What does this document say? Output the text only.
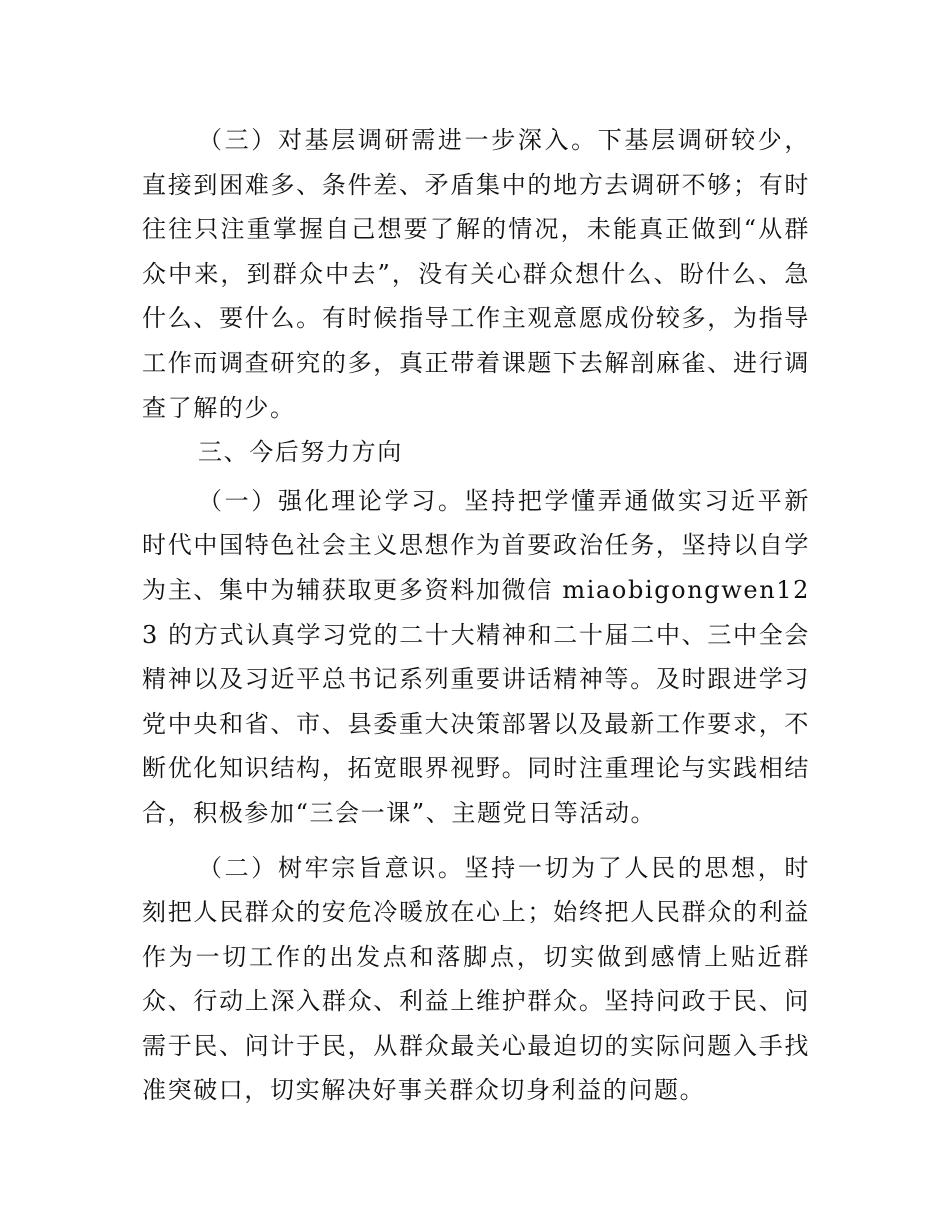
（三）对基层调研需进一步深入。下基层调研较少，直接到困难多、条件差、矛盾集中的地方去调研不够；有时往往只注重掌握自己想要了解的情况，未能真正做到“从群众中来，到群众中去”，没有关心群众想什么、盼什么、急什么、要什么。有时候指导工作主观意愿成份较多，为指导工作而调查研究的多，真正带着课题下去解剖麻雀、进行调查了解的少。

三、今后努力方向

（一）强化理论学习。坚持把学懂弄通做实习近平新时代中国特色社会主义思想作为首要政治任务，坚持以自学为主、集中为辅获取更多资料加微信 miaobigongwen123 的方式认真学习党的二十大精神和二十届二中、三中全会精神以及习近平总书记系列重要讲话精神等。及时跟进学习党中央和省、市、县委重大决策部署以及最新工作要求，不断优化知识结构，拓宽眼界视野。同时注重理论与实践相结合，积极参加“三会一课”、主题党日等活动。

（二）树牢宗旨意识。坚持一切为了人民的思想，时刻把人民群众的安危冷暖放在心上；始终把人民群众的利益作为一切工作的出发点和落脚点，切实做到感情上贴近群众、行动上深入群众、利益上维护群众。坚持问政于民、问需于民、问计于民，从群众最关心最迫切的实际问题入手找准突破口，切实解决好事关群众切身利益的问题。
